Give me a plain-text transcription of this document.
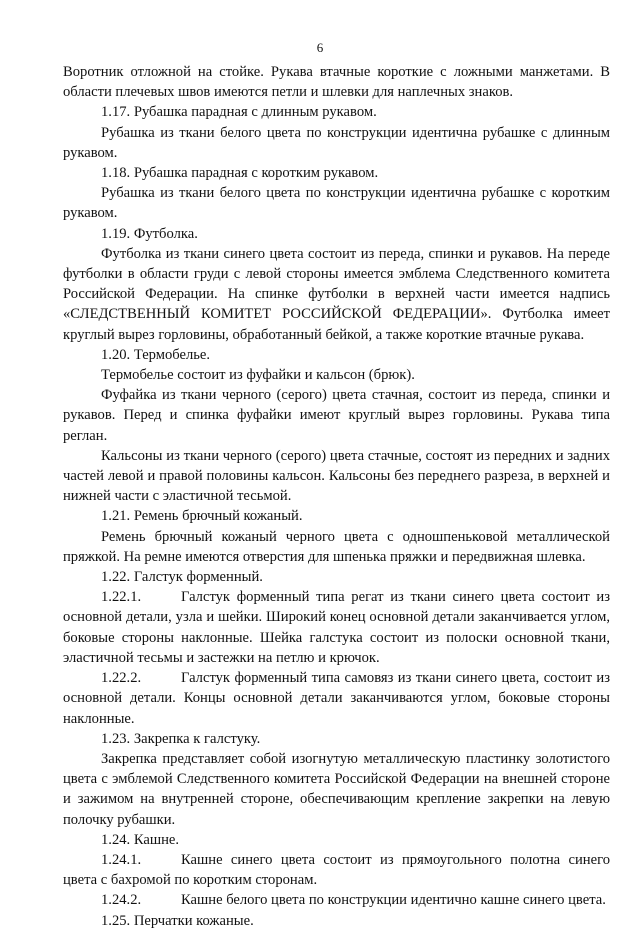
6

Воротник отложной на стойке. Рукава втачные короткие с ложными манжетами. В области плечевых швов имеются петли и шлевки для наплечных знаков.

1.17. Рубашка парадная с длинным рукавом.

Рубашка из ткани белого цвета по конструкции идентична рубашке с длинным рукавом.

1.18. Рубашка парадная с коротким рукавом.

Рубашка из ткани белого цвета по конструкции идентична рубашке с коротким рукавом.

1.19. Футболка.

Футболка из ткани синего цвета состоит из переда, спинки и рукавов. На переде футболки в области груди с левой стороны имеется эмблема Следственного комитета Российской Федерации. На спинке футболки в верхней части имеется надпись «СЛЕДСТВЕННЫЙ КОМИТЕТ РОССИЙСКОЙ ФЕДЕРАЦИИ». Футболка имеет круглый вырез горловины, обработанный бейкой, а также короткие втачные рукава.

1.20. Термобелье.

Термобелье состоит из фуфайки и кальсон (брюк).

Фуфайка из ткани черного (серого) цвета стачная, состоит из переда, спинки и рукавов. Перед и спинка фуфайки имеют круглый вырез горловины. Рукава типа реглан.

Кальсоны из ткани черного (серого) цвета стачные, состоят из передних и задних частей левой и правой половины кальсон. Кальсоны без переднего разреза, в верхней и нижней части с эластичной тесьмой.

1.21. Ремень брючный кожаный.

Ремень брючный кожаный черного цвета с одношпеньковой металлической пряжкой. На ремне имеются отверстия для шпенька пряжки и передвижная шлевка.

1.22. Галстук форменный.

1.22.1.	Галстук форменный типа регат из ткани синего цвета состоит из основной детали, узла и шейки. Широкий конец основной детали заканчивается углом, боковые стороны наклонные. Шейка галстука состоит из полоски основной ткани, эластичной тесьмы и застежки на петлю и крючок.

1.22.2.	Галстук форменный типа самовяз из ткани синего цвета, состоит из основной детали. Концы основной детали заканчиваются углом, боковые стороны наклонные.

1.23. Закрепка к галстуку.

Закрепка представляет собой изогнутую металлическую пластинку золотистого цвета с эмблемой Следственного комитета Российской Федерации на внешней стороне и зажимом на внутренней стороне, обеспечивающим крепление закрепки на левую полочку рубашки.

1.24. Кашне.

1.24.1.	Кашне синего цвета состоит из прямоугольного полотна синего цвета с бахромой по коротким сторонам.

1.24.2.	Кашне белого цвета по конструкции идентично кашне синего цвета.

1.25. Перчатки кожаные.
